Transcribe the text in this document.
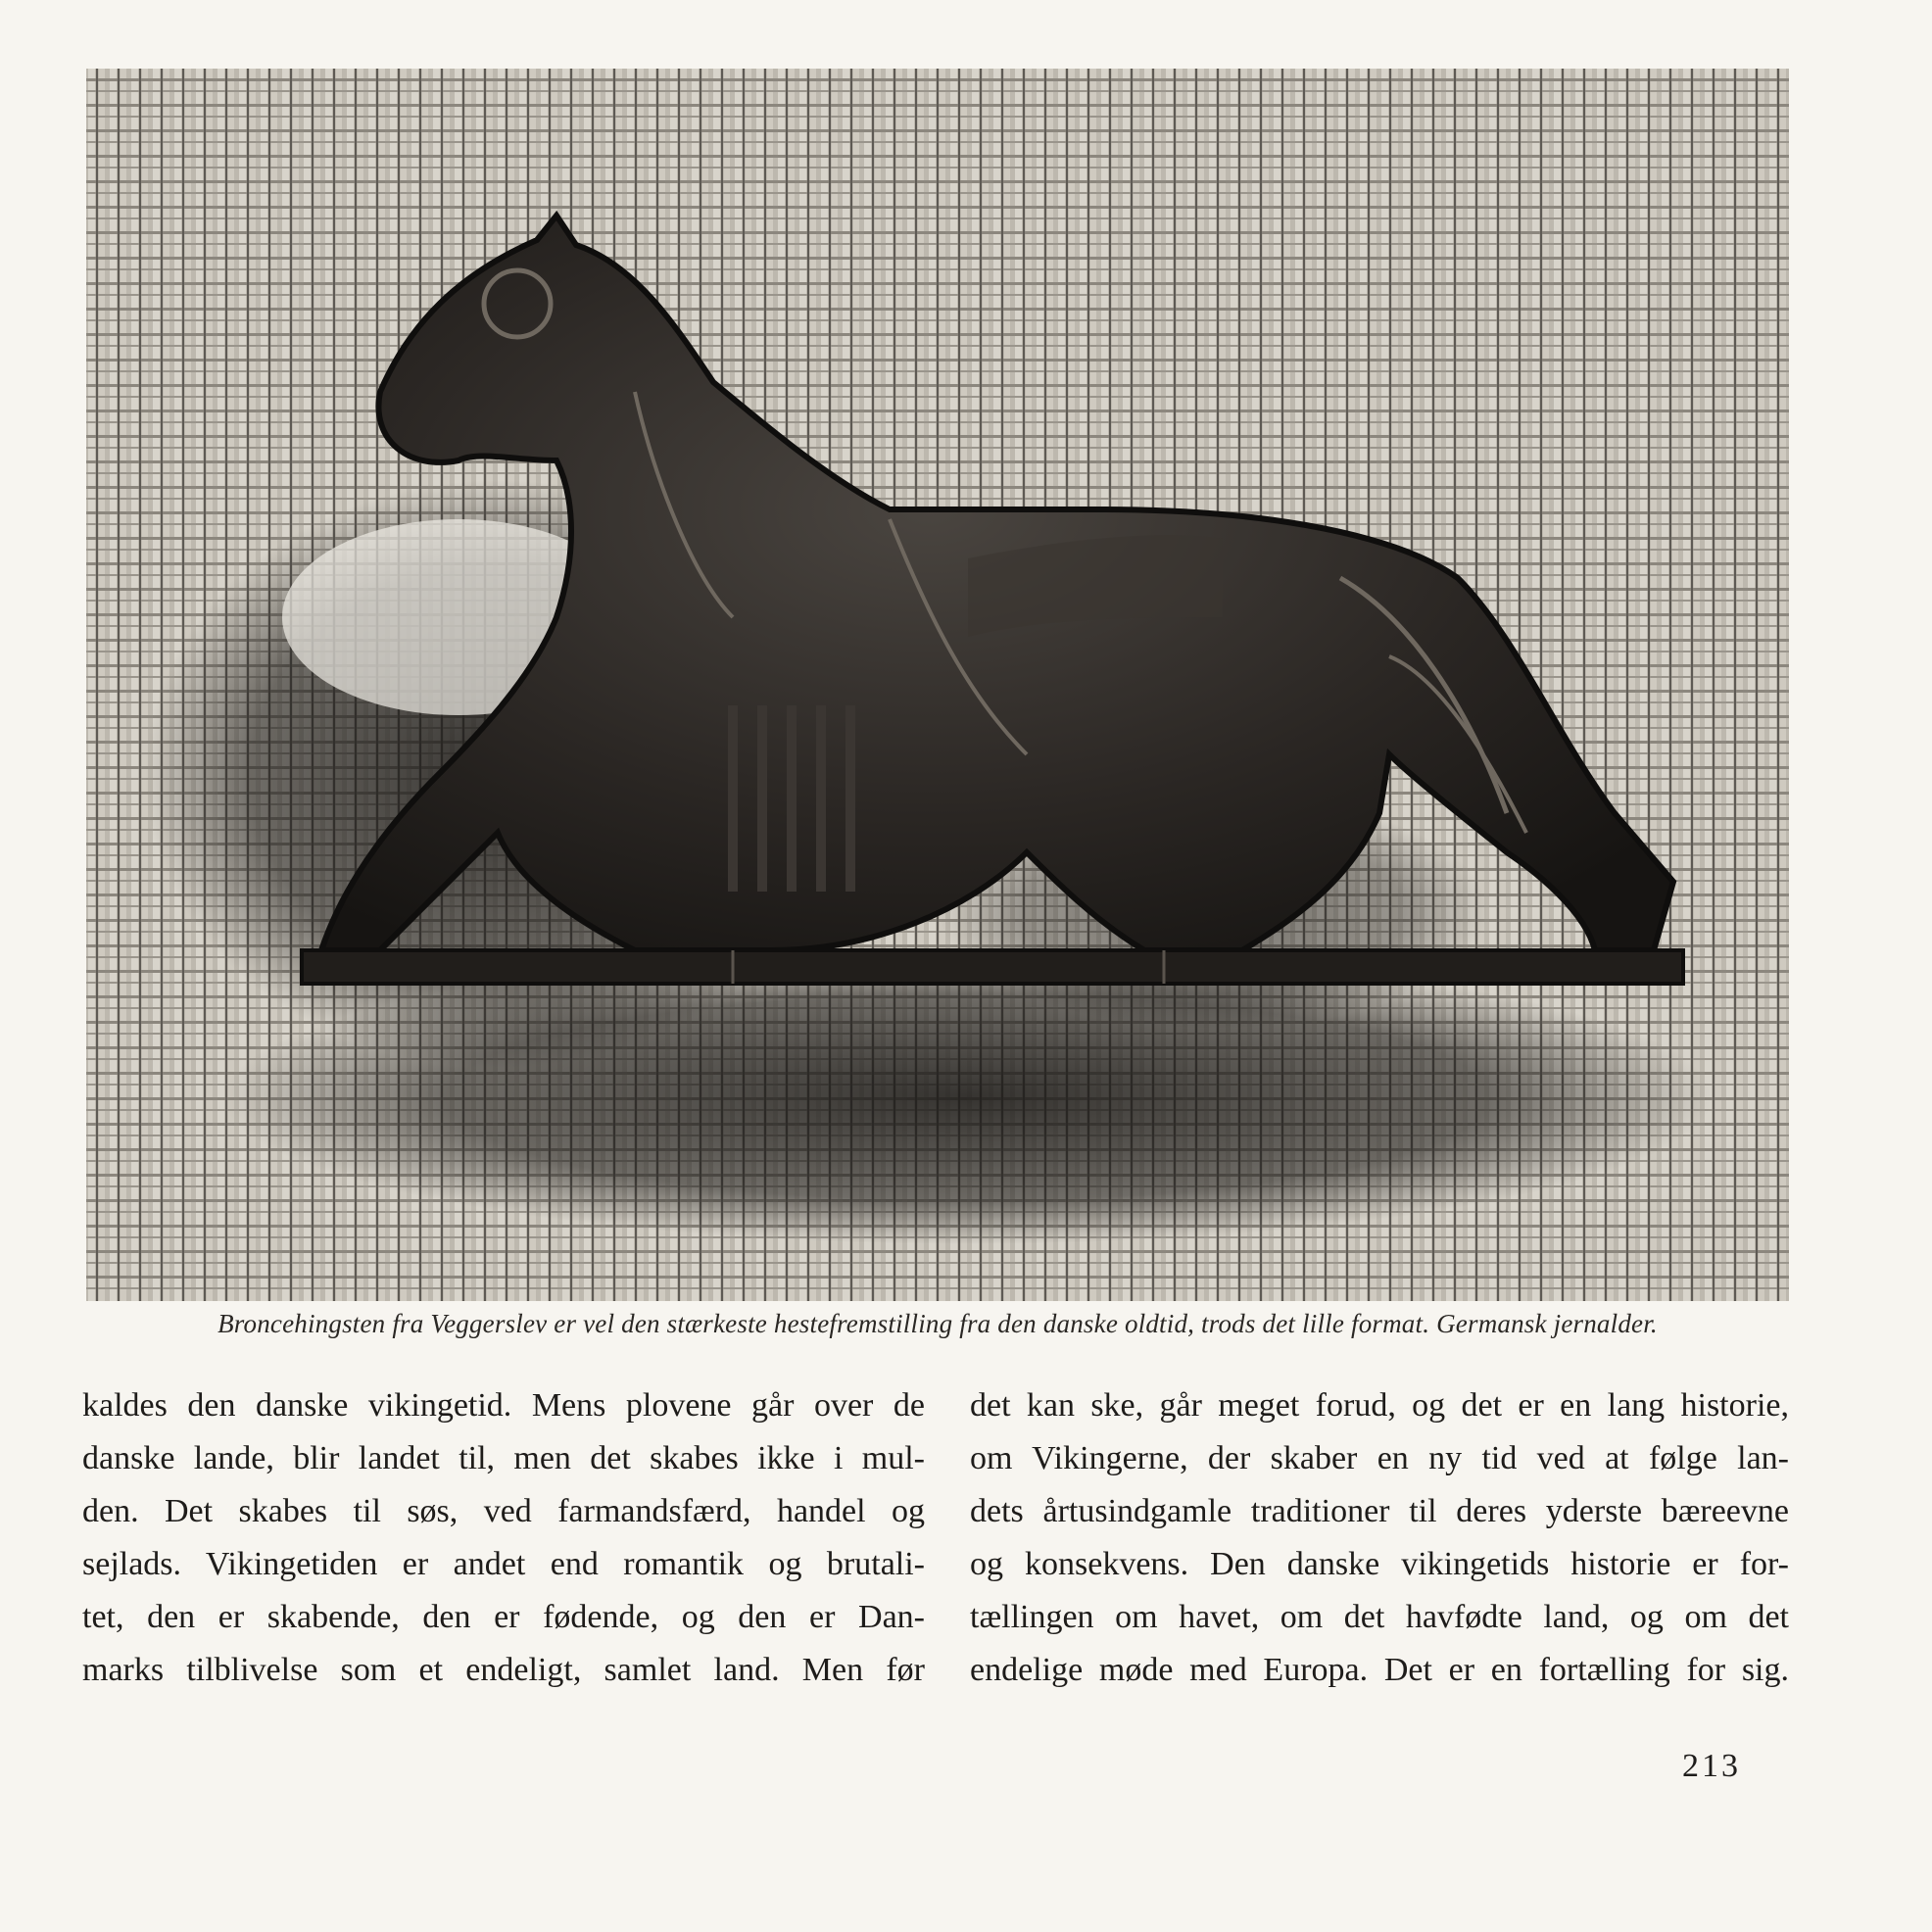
Broncehingsten fra Veggerslev er vel den stærkeste hestefremstilling fra den danske oldtid, trods det lille format. Germansk jernalder.
kaldes den danske vikingetid. Mens plovene går over de
danske lande, blir landet til, men det skabes ikke i mul-
den. Det skabes til søs, ved farmandsfærd, handel og
sejlads. Vikingetiden er andet end romantik og brutali-
tet, den er skabende, den er fødende, og den er Dan-
marks tilblivelse som et endeligt, samlet land. Men før
det kan ske, går meget forud, og det er en lang historie,
om Vikingerne, der skaber en ny tid ved at følge lan-
dets årtusindgamle traditioner til deres yderste bæreevne
og konsekvens. Den danske vikingetids historie er for-
tællingen om havet, om det havfødte land, og om det
endelige møde med Europa. Det er en fortælling for sig.
213
